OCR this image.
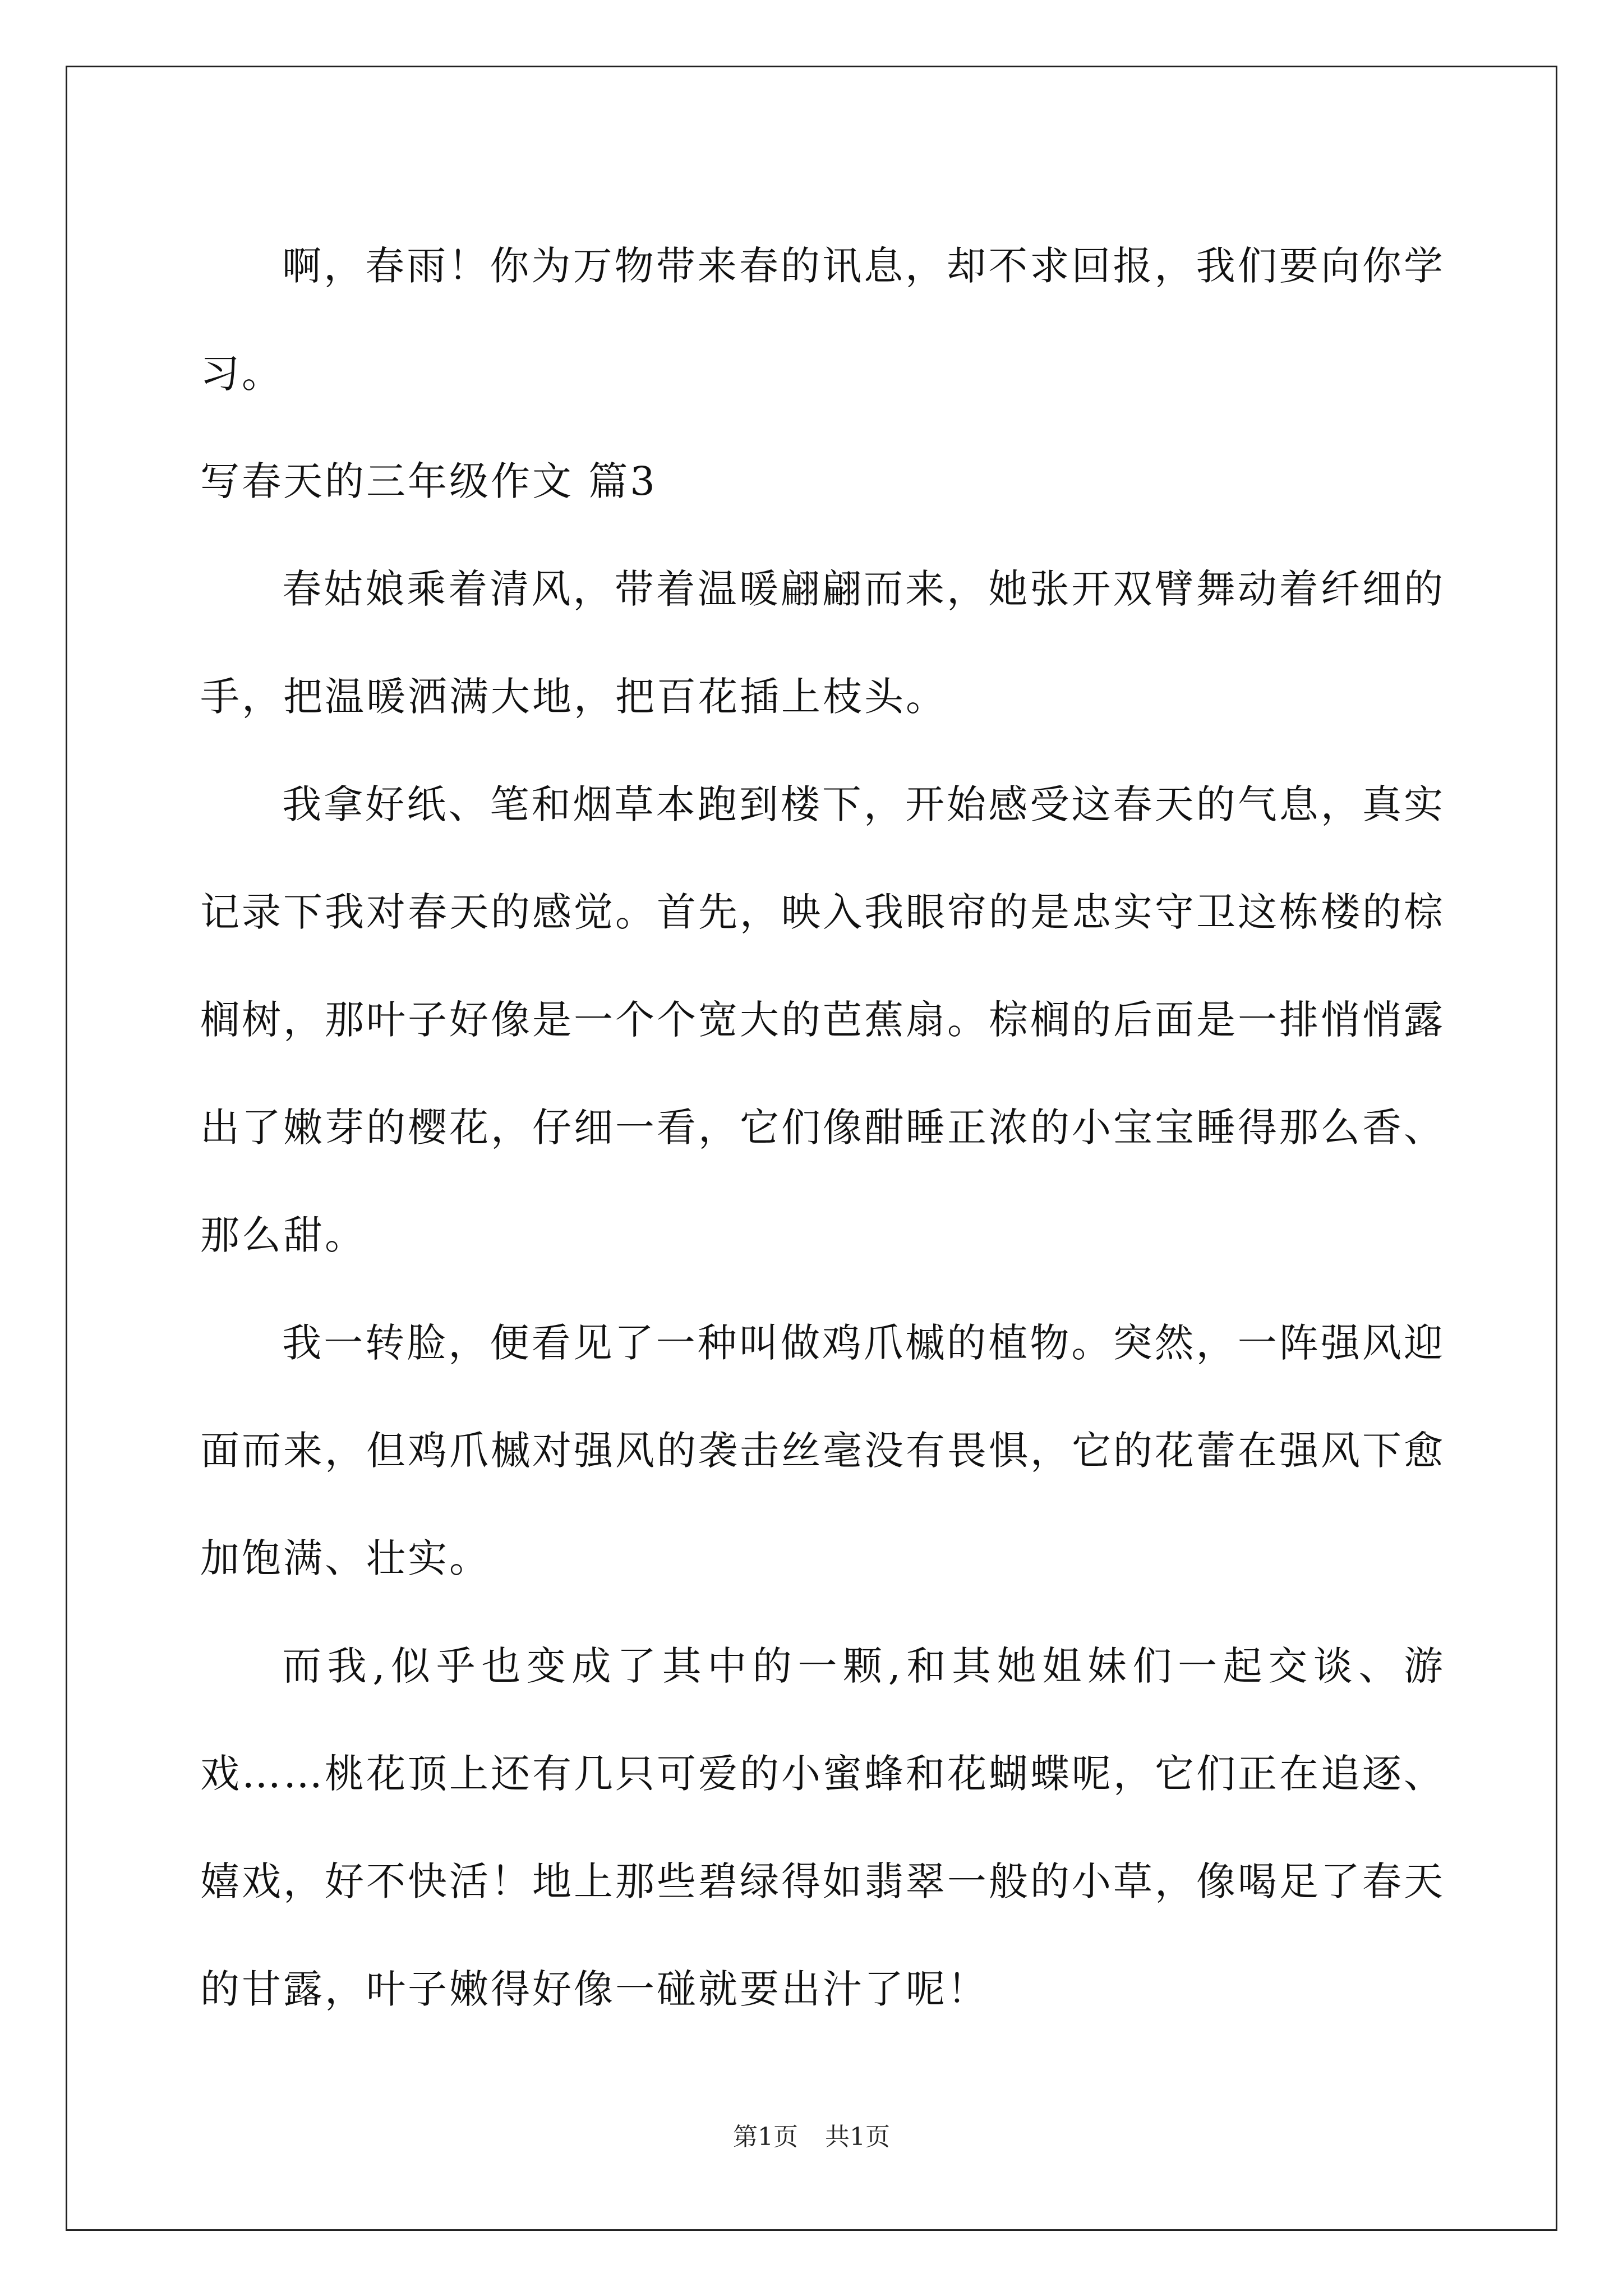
啊，春雨！你为万物带来春的讯息，却不求回报，我们要向你学习。

写春天的三年级作文 篇3

春姑娘乘着清风，带着温暖翩翩而来，她张开双臂舞动着纤细的手，把温暖洒满大地，把百花插上枝头。

我拿好纸、笔和烟草本跑到楼下，开始感受这春天的气息，真实记录下我对春天的感觉。首先，映入我眼帘的是忠实守卫这栋楼的棕榈树，那叶子好像是一个个宽大的芭蕉扇。棕榈的后面是一排悄悄露出了嫩芽的樱花，仔细一看，它们像酣睡正浓的小宝宝睡得那么香、那么甜。

我一转脸，便看见了一种叫做鸡爪槭的植物。突然，一阵强风迎面而来，但鸡爪槭对强风的袭击丝毫没有畏惧，它的花蕾在强风下愈加饱满、壮实。

而我,似乎也变成了其中的一颗,和其她姐妹们一起交谈、游戏……桃花顶上还有几只可爱的小蜜蜂和花蝴蝶呢，它们正在追逐、嬉戏，好不快活！地上那些碧绿得如翡翠一般的小草，像喝足了春天的甘露，叶子嫩得好像一碰就要出汁了呢！

第1页 共1页
